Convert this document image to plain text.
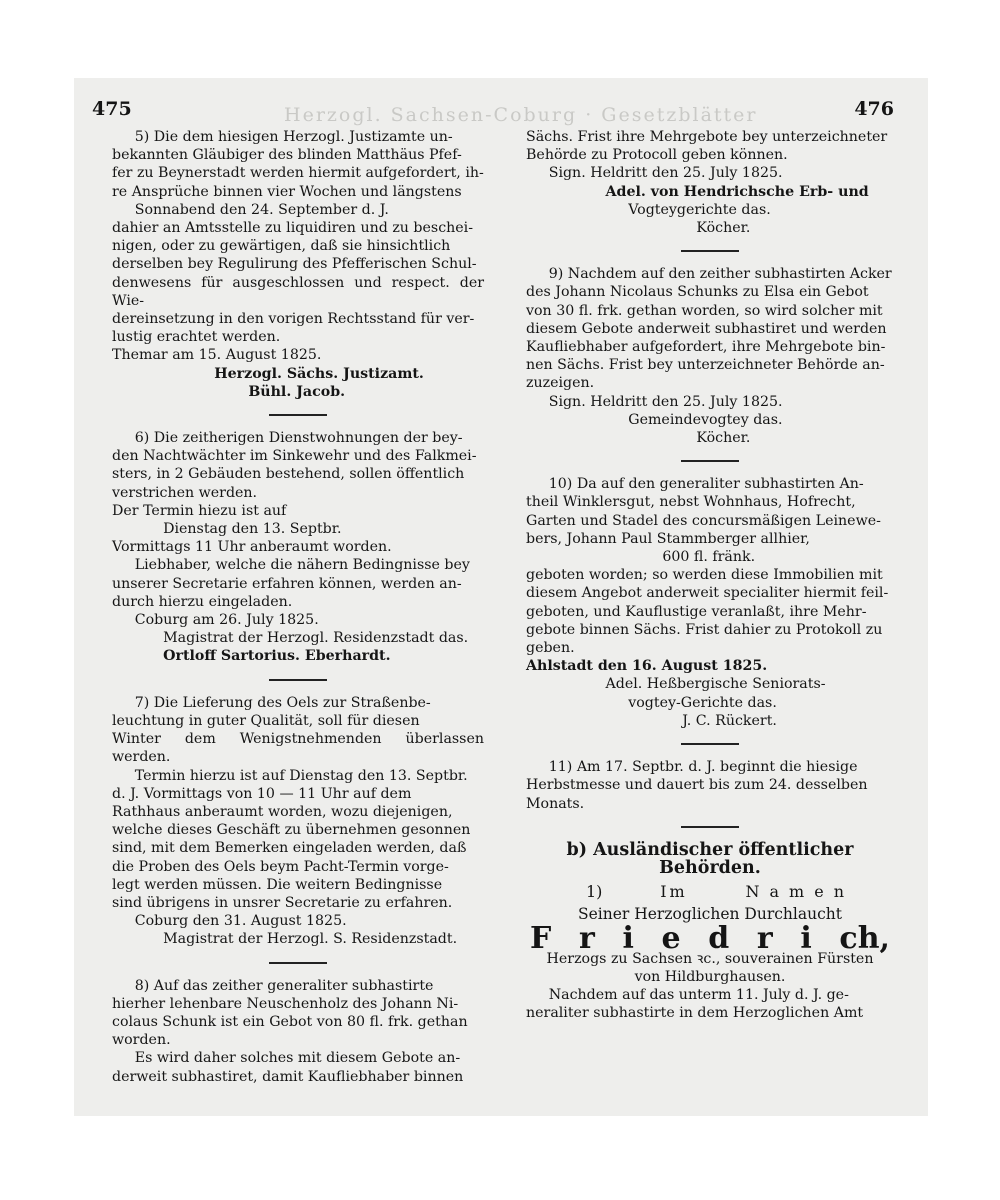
475	Herzogl. Sachsen-Coburg · Gesetzblätter	476

5) Die dem hiesigen Herzogl. Justizamte un-

bekannten Gläubiger des blinden Matthäus Pfef-

fer zu Beynerstadt werden hiermit aufgefordert, ih-

re Ansprüche binnen vier Wochen und längstens

Sonnabend den 24. September d. J.

dahier an Amtsstelle zu liquidiren und zu beschei-

nigen, oder zu gewärtigen, daß sie hinsichtlich

derselben bey Regulirung des Pfefferischen Schul-

denwesens für ausgeschlossen und respect. der Wie-

dereinsetzung in den vorigen Rechtsstand für ver-

lustig erachtet werden.

Themar am 15. August 1825.

Herzogl. Sächs. Justizamt.

Bühl. Jacob.

6) Die zeitherigen Dienstwohnungen der bey-

den Nachtwächter im Sinkewehr und des Falkmei-

sters, in 2 Gebäuden bestehend, sollen öffentlich

verstrichen werden.

Der Termin hiezu ist auf

Dienstag den 13. Septbr.

Vormittags 11 Uhr anberaumt worden.

Liebhaber, welche die nähern Bedingnisse bey

unserer Secretarie erfahren können, werden an-

durch hierzu eingeladen.

Coburg am 26. July 1825.

Magistrat der Herzogl. Residenzstadt das.

Ortloff Sartorius. Eberhardt.

7) Die Lieferung des Oels zur Straßenbe-

leuchtung in guter Qualität, soll für diesen

Winter dem Wenigstnehmenden überlassen werden.

Termin hierzu ist auf Dienstag den 13. Septbr.

d. J. Vormittags von 10 — 11 Uhr auf dem

Rathhaus anberaumt worden, wozu diejenigen,

welche dieses Geschäft zu übernehmen gesonnen

sind, mit dem Bemerken eingeladen werden, daß

die Proben des Oels beym Pacht-Termin vorge-

legt werden müssen. Die weitern Bedingnisse

sind übrigens in unsrer Secretarie zu erfahren.

Coburg den 31. August 1825.

Magistrat der Herzogl. S. Residenzstadt.

8) Auf das zeither generaliter subhastirte

hierher lehenbare Neuschenholz des Johann Ni-

colaus Schunk ist ein Gebot von 80 fl. frk. gethan

worden.

Es wird daher solches mit diesem Gebote an-

derweit subhastiret, damit Kaufliebhaber binnen

Sächs. Frist ihre Mehrgebote bey unterzeichneter

Behörde zu Protocoll geben können.

Sign. Heldritt den 25. July 1825.

Adel. von Hendrichsche Erb- und

Vogteygerichte das.

Köcher.

9) Nachdem auf den zeither subhastirten Acker

des Johann Nicolaus Schunks zu Elsa ein Gebot

von 30 fl. frk. gethan worden, so wird solcher mit

diesem Gebote anderweit subhastiret und werden

Kaufliebhaber aufgefordert, ihre Mehrgebote bin-

nen Sächs. Frist bey unterzeichneter Behörde an-

zuzeigen.

Sign. Heldritt den 25. July 1825.

Gemeindevogtey das.

Köcher.

10) Da auf den generaliter subhastirten An-

theil Winklersgut, nebst Wohnhaus, Hofrecht,

Garten und Stadel des concursmäßigen Leinewe-

bers, Johann Paul Stammberger allhier,

600 fl. fränk.

geboten worden; so werden diese Immobilien mit

diesem Angebot anderweit specialiter hiermit feil-

geboten, und Kauflustige veranlaßt, ihre Mehr-

gebote binnen Sächs. Frist dahier zu Protokoll zu

geben.

Ahlstadt den 16. August 1825.

Adel. Heßbergische Seniorats-

vogtey-Gerichte das.

J. C. Rückert.

11) Am 17. Septbr. d. J. beginnt die hiesige

Herbstmesse und dauert bis zum 24. desselben

Monats.

b) Ausländischer öffentlicher Behörden.
1)	Im	Namen

Seiner Herzoglichen Durchlaucht

F r i e d r i ch,

Herzogs zu Sachsen ꝛc., souverainen Fürsten

von Hildburghausen.

Nachdem auf das unterm 11. July d. J. ge-

neraliter subhastirte in dem Herzoglichen Amt
